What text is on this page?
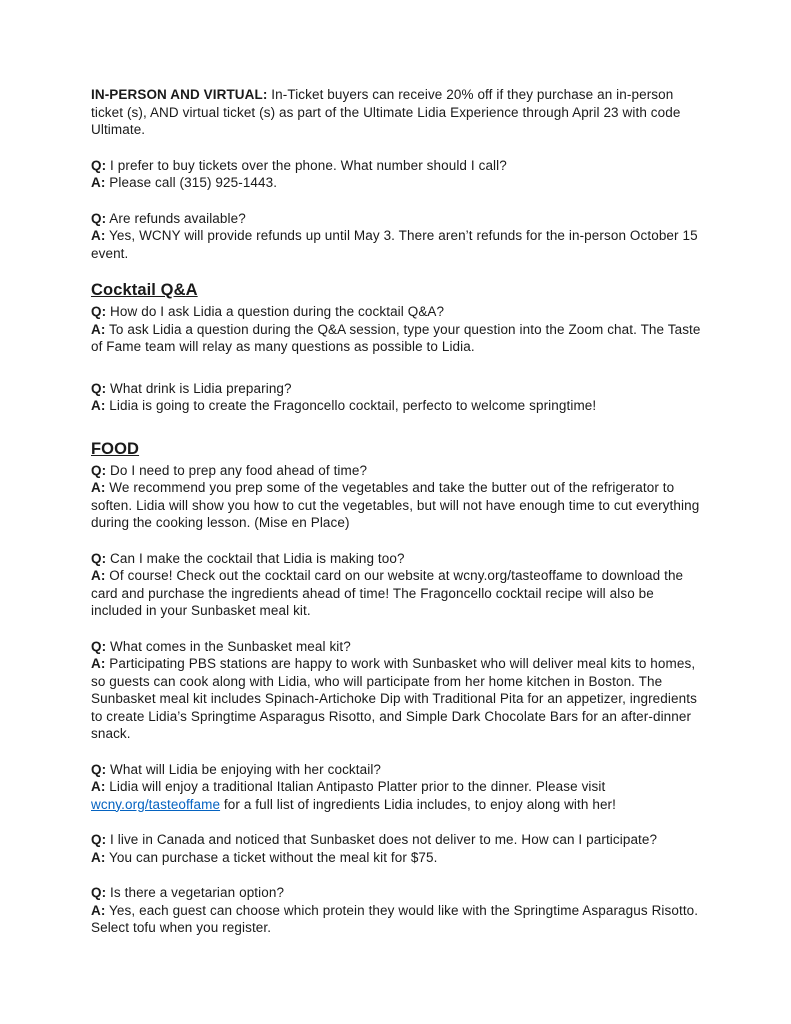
IN-PERSON AND VIRTUAL: In-Ticket buyers can receive 20% off if they purchase an in-person ticket (s), AND virtual ticket (s) as part of the Ultimate Lidia Experience through April 23 with code Ultimate.
Q: I prefer to buy tickets over the phone. What number should I call?
A: Please call (315) 925-1443.
Q: Are refunds available?
A: Yes, WCNY will provide refunds up until May 3. There aren’t refunds for the in-person October 15 event.
Cocktail Q&A
Q: How do I ask Lidia a question during the cocktail Q&A?
A: To ask Lidia a question during the Q&A session, type your question into the Zoom chat. The Taste of Fame team will relay as many questions as possible to Lidia.
Q: What drink is Lidia preparing?
A: Lidia is going to create the Fragoncello cocktail, perfecto to welcome springtime!
FOOD
Q: Do I need to prep any food ahead of time?
A: We recommend you prep some of the vegetables and take the butter out of the refrigerator to soften. Lidia will show you how to cut the vegetables, but will not have enough time to cut everything during the cooking lesson. (Mise en Place)
Q: Can I make the cocktail that Lidia is making too?
A: Of course! Check out the cocktail card on our website at wcny.org/tasteoffame to download the card and purchase the ingredients ahead of time! The Fragoncello cocktail recipe will also be included in your Sunbasket meal kit.
Q: What comes in the Sunbasket meal kit?
A: Participating PBS stations are happy to work with Sunbasket who will deliver meal kits to homes, so guests can cook along with Lidia, who will participate from her home kitchen in Boston. The Sunbasket meal kit includes Spinach-Artichoke Dip with Traditional Pita for an appetizer, ingredients to create Lidia’s Springtime Asparagus Risotto, and Simple Dark Chocolate Bars for an after-dinner snack.
Q: What will Lidia be enjoying with her cocktail?
A: Lidia will enjoy a traditional Italian Antipasto Platter prior to the dinner. Please visit wcny.org/tasteoffame for a full list of ingredients Lidia includes, to enjoy along with her!
Q: I live in Canada and noticed that Sunbasket does not deliver to me. How can I participate?
A: You can purchase a ticket without the meal kit for $75.
Q: Is there a vegetarian option?
A: Yes, each guest can choose which protein they would like with the Springtime Asparagus Risotto. Select tofu when you register.
